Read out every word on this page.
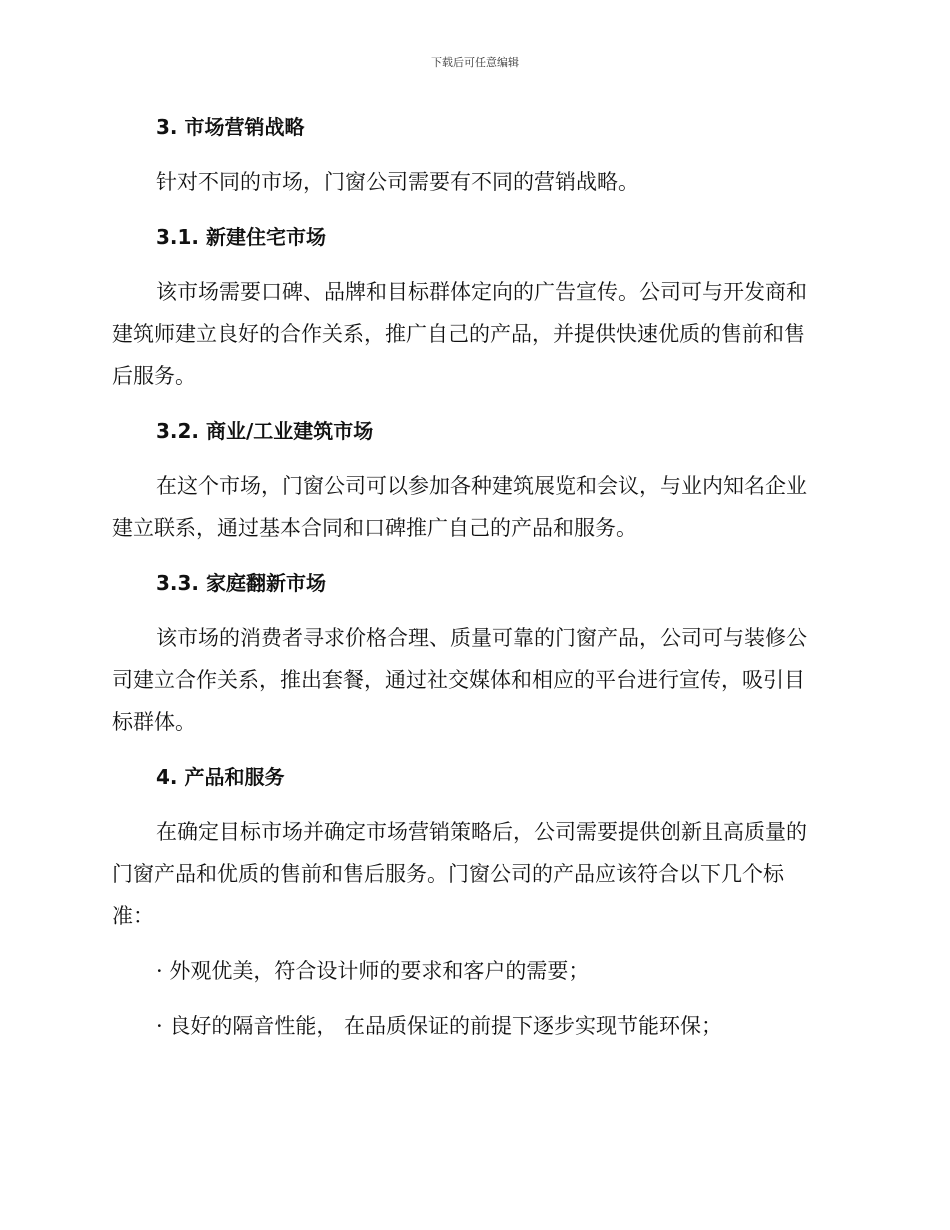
下载后可任意编辑
3. 市场营销战略
针对不同的市场，门窗公司需要有不同的营销战略。
3.1. 新建住宅市场
该市场需要口碑、品牌和目标群体定向的广告宣传。公司可与开发商和
建筑师建立良好的合作关系，推广自己的产品，并提供快速优质的售前和售
后服务。
3.2. 商业/工业建筑市场
在这个市场，门窗公司可以参加各种建筑展览和会议，与业内知名企业
建立联系，通过基本合同和口碑推广自己的产品和服务。
3.3. 家庭翻新市场
该市场的消费者寻求价格合理、质量可靠的门窗产品，公司可与装修公
司建立合作关系，推出套餐，通过社交媒体和相应的平台进行宣传，吸引目
标群体。
4. 产品和服务
在确定目标市场并确定市场营销策略后，公司需要提供创新且高质量的
门窗产品和优质的售前和售后服务。门窗公司的产品应该符合以下几个标
准：
· 外观优美，符合设计师的要求和客户的需要；
· 良好的隔音性能， 在品质保证的前提下逐步实现节能环保；
